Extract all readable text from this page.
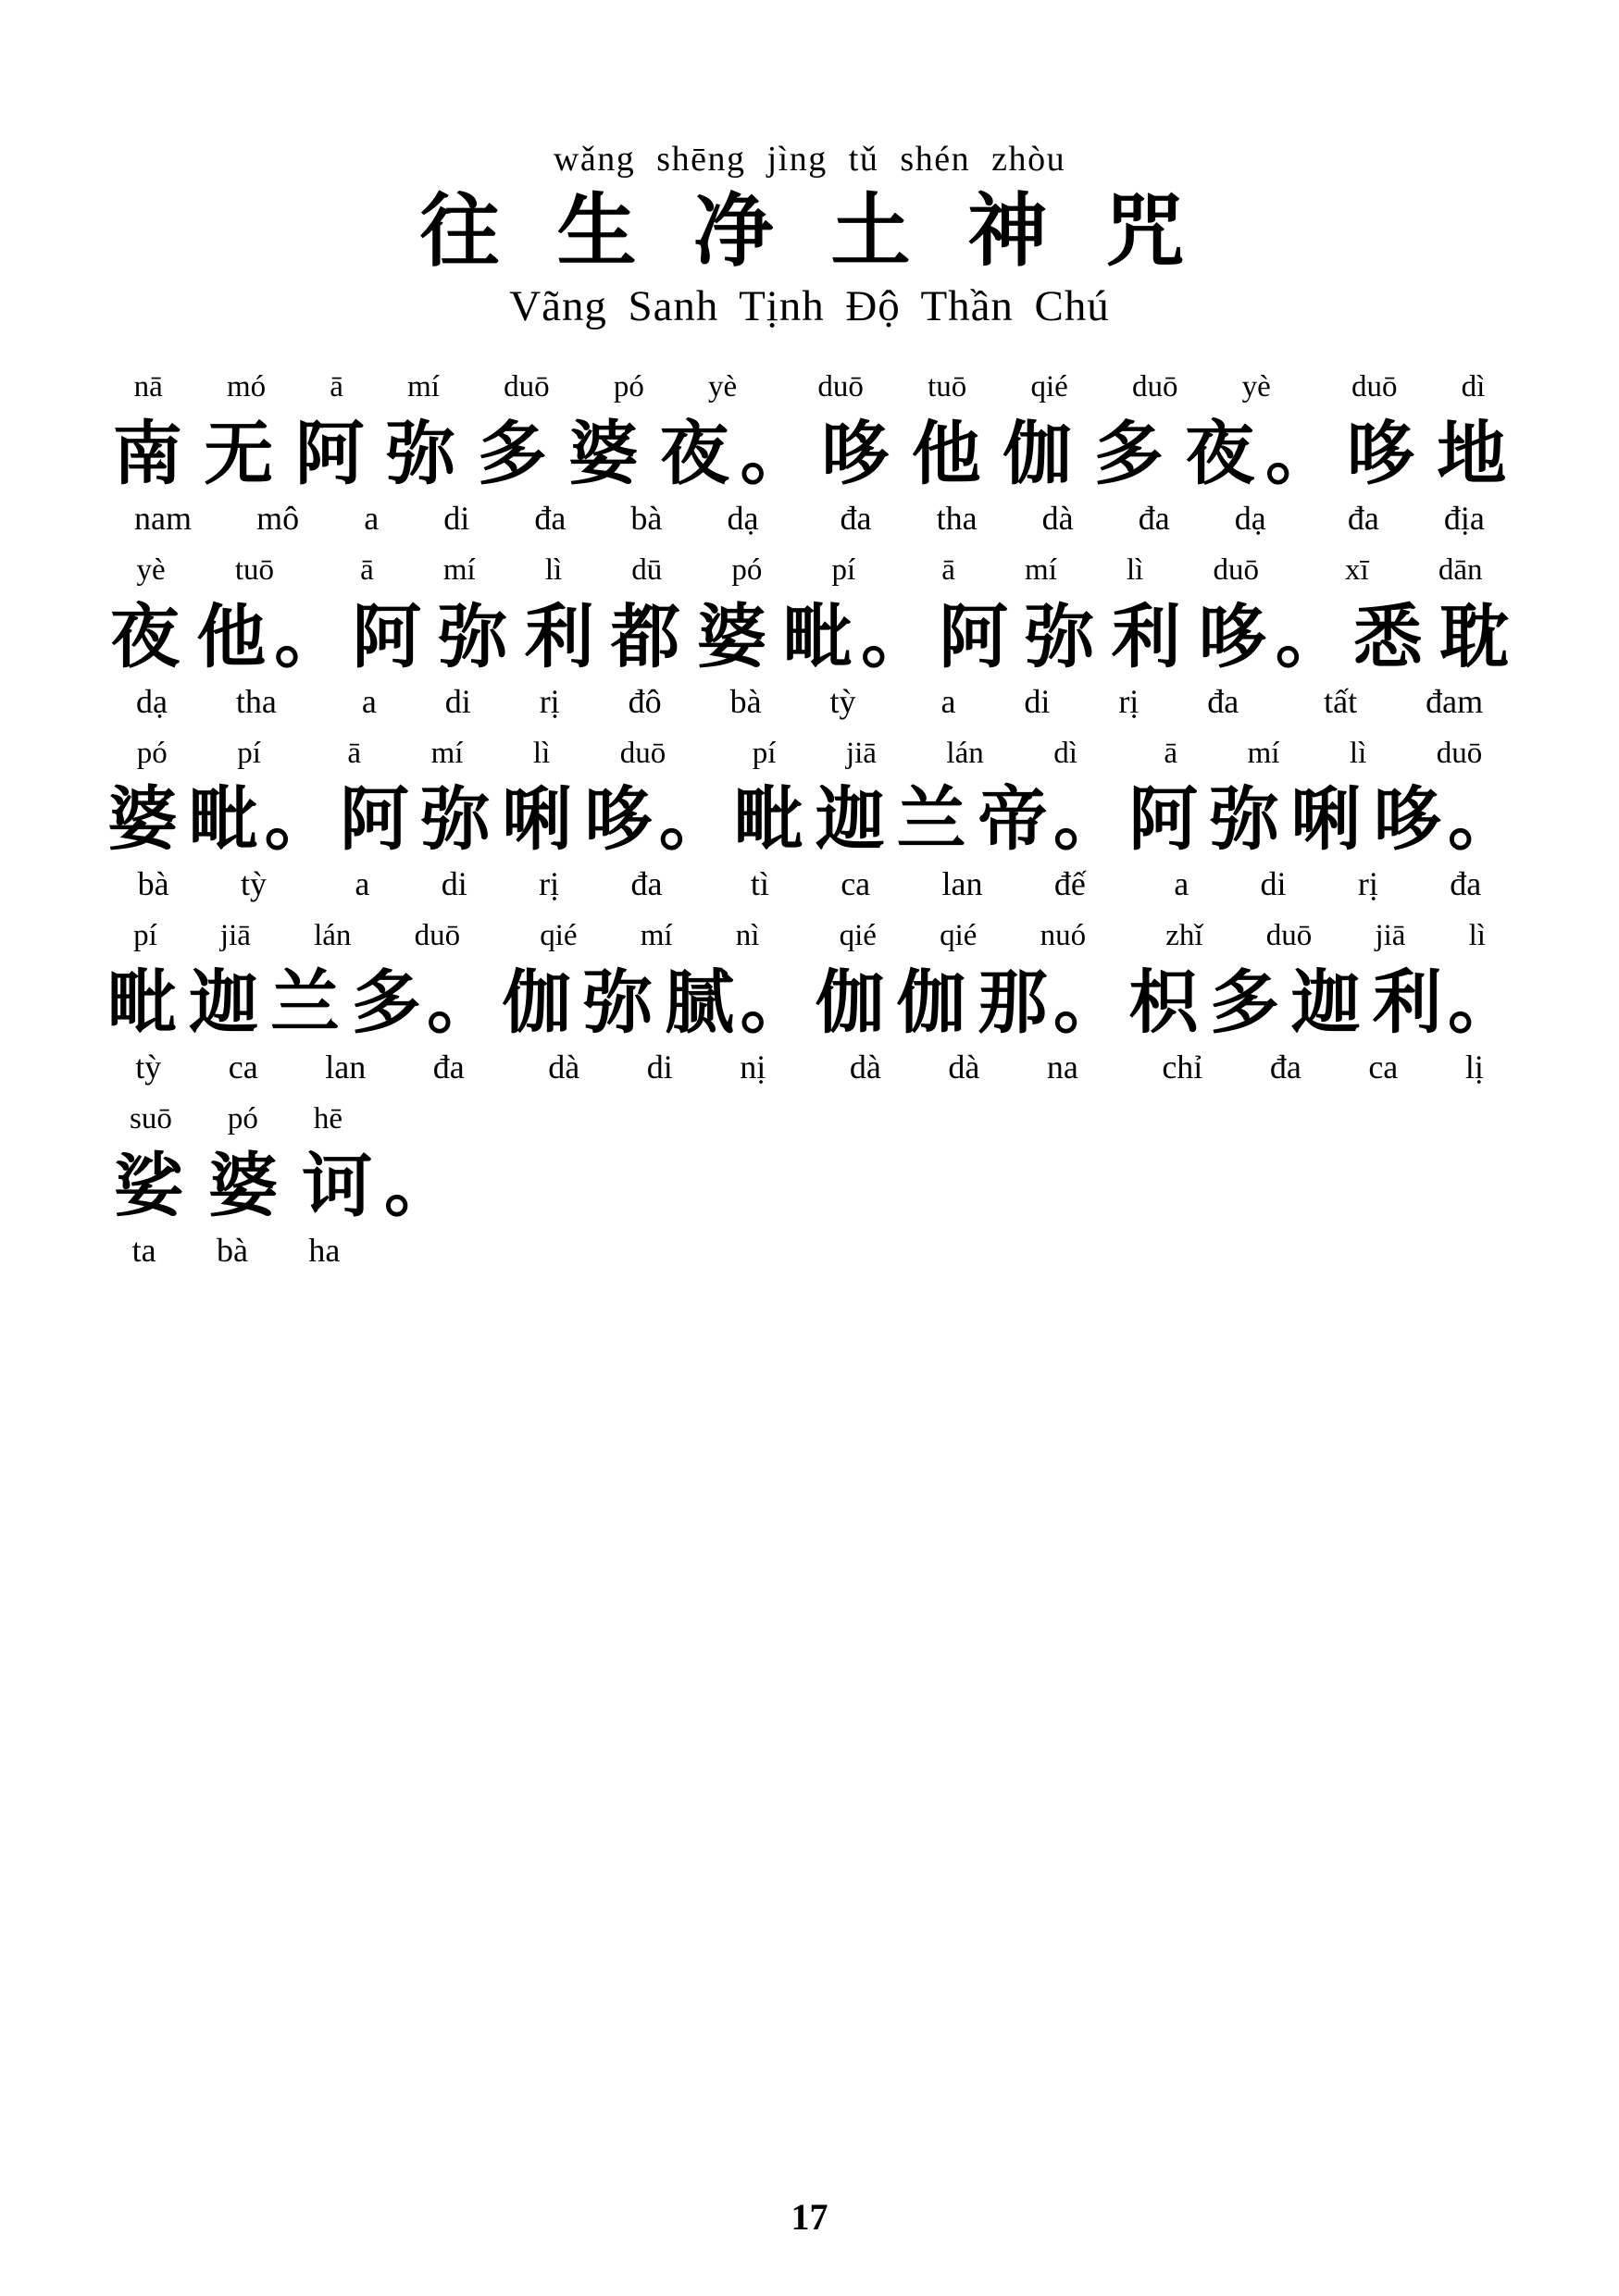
wǎng shēng jìng tǔ shén zhòu
往 生 净 土 神 咒
Vãng Sanh Tịnh Độ Thần Chú
nā	mó	ā	mí	duō	pó	yè	duō	tuō	qié	duō	yè	duō	dì
南 无 阿 弥 多 婆 夜 。 哆 他 伽 多 夜 。 哆 地
nam	mô	a	di	đa	bà	dạ	đa	tha	dà	đa	dạ	đa	địa
yè	tuō	ā	mí	lì	dū	pó	pí	ā	mí	lì	duō	xī	dān
夜 他 。 阿 弥 利 都 婆 毗 。 阿 弥 利 哆 。 悉 耽
dạ	tha	a	di	rị	đô	bà	tỳ	a	di	rị	đa	tất	đam
pó	pí	ā	mí	lì	duō	pí	jiā	lán	dì	ā	mí	lì	duō
婆 毗 。 阿 弥 唎 哆 。 毗 迦 兰 帝 。 阿 弥 唎 哆 。
bà	tỳ	a	di	rị	đa	tì	ca	lan	đế	a	di	rị	đa
pí	jiā	lán	duō	qié	mí	nì	qié	qié	nuó	zhǐ	duō	jiā	lì
毗 迦 兰 多 。 伽 弥 腻 。 伽 伽 那 。 枳 多 迦 利 。
tỳ	ca	lan	đa	dà	di	nị	dà	dà	na	chỉ	đa	ca	lị
suō	pó	hē
娑 婆 诃 。
ta	bà	ha
17
